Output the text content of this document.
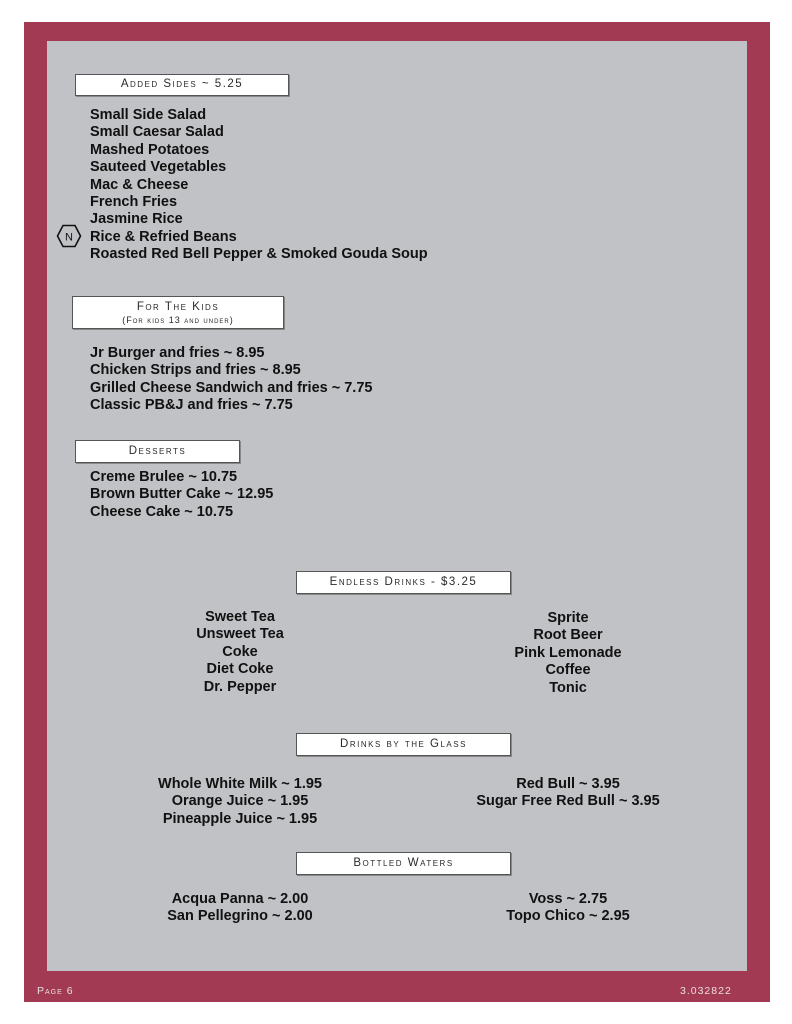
Added Sides ~ 5.25
Small Side Salad
Small Caesar Salad
Mashed Potatoes
Sauteed Vegetables
Mac & Cheese
French Fries
Jasmine Rice
Rice & Refried Beans
Roasted Red Bell Pepper & Smoked Gouda Soup
N
For The Kids
(For kids 13 and under)
Jr Burger and fries ~ 8.95
Chicken Strips and fries ~ 8.95
Grilled Cheese Sandwich and fries ~ 7.75
Classic PB&J and fries ~ 7.75
Desserts
Creme Brulee ~ 10.75
Brown Butter Cake ~ 12.95
Cheese Cake ~ 10.75
Endless Drinks - $3.25
Sweet Tea
Unsweet Tea
Coke
Diet Coke
Dr. Pepper
Sprite
Root Beer
Pink Lemonade
Coffee
Tonic
Drinks by the Glass
Whole White Milk ~ 1.95
Orange Juice ~ 1.95
Pineapple Juice ~ 1.95
Red Bull ~ 3.95
Sugar Free Red Bull ~ 3.95
Bottled Waters
Acqua Panna ~ 2.00
San Pellegrino ~ 2.00
Voss ~ 2.75
Topo Chico ~ 2.95
Page 6	3.032822
